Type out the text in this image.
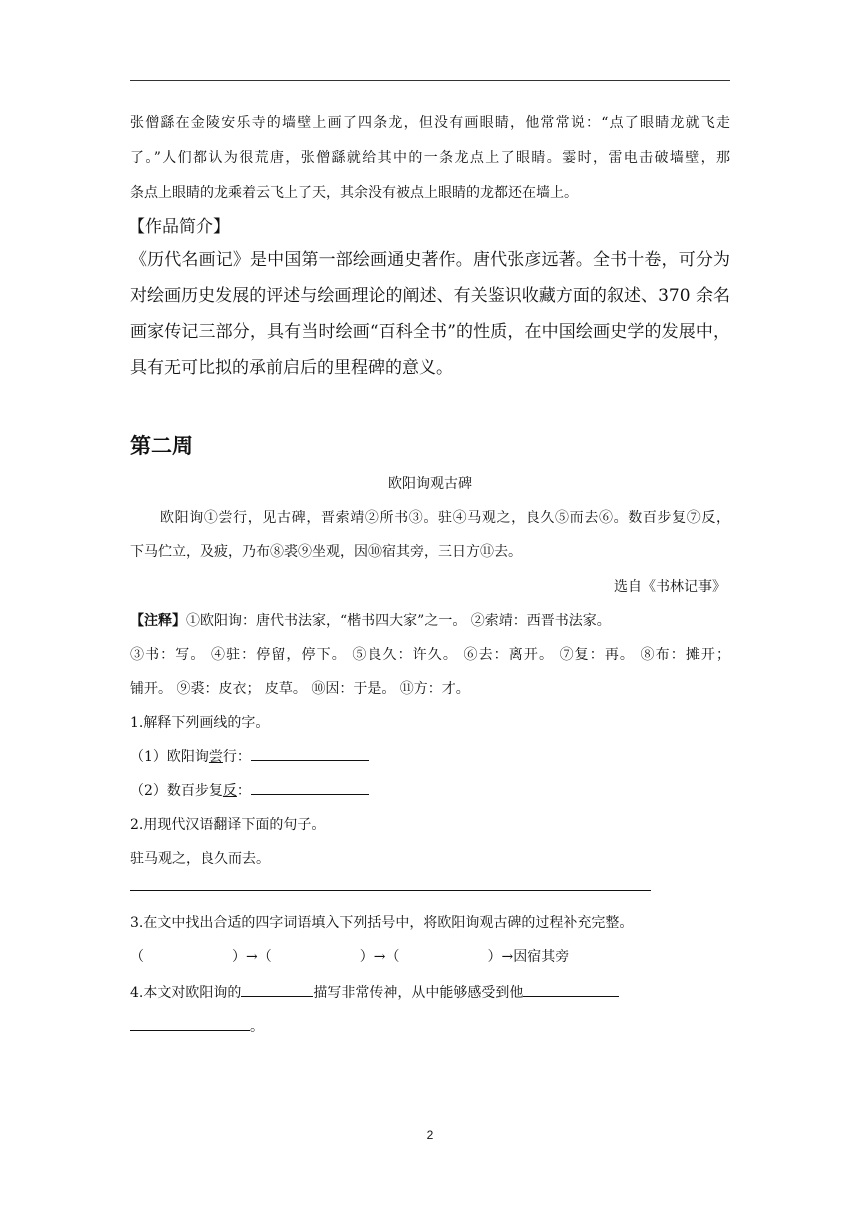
张僧繇在金陵安乐寺的墙壁上画了四条龙，但没有画眼睛，他常常说：“点了眼睛龙就飞走
了。”人们都认为很荒唐，张僧繇就给其中的一条龙点上了眼睛。霎时，雷电击破墙壁，那
条点上眼睛的龙乘着云飞上了天，其余没有被点上眼睛的龙都还在墙上。
【作品简介】
《历代名画记》是中国第一部绘画通史著作。唐代张彦远著。全书十卷，可分为
对绘画历史发展的评述与绘画理论的阐述、有关鉴识收藏方面的叙述、370 余名
画家传记三部分，具有当时绘画“百科全书”的性质，在中国绘画史学的发展中，
具有无可比拟的承前启后的里程碑的意义。
第二周
欧阳询观古碑
欧阳询①尝行，见古碑，晋索靖②所书③。驻④马观之，良久⑤而去⑥。数百步复⑦反，
下马伫立，及疲，乃布⑧裘⑨坐观，因⑩宿其旁，三日方⑪去。
选自《书林记事》
【注释】①欧阳询：唐代书法家，“楷书四大家”之一。 ②索靖：西晋书法家。
③书：写。 ④驻：停留，停下。 ⑤良久：许久。 ⑥去：离开。 ⑦复：再。 ⑧布：摊开；
铺开。 ⑨裘：皮衣； 皮草。 ⑩因：于是。 ⑪方：才。
1.解释下列画线的字。
（1）欧阳询尝行：
（2）数百步复反：
2.用现代汉语翻译下面的句子。
驻马观之，良久而去。
3.在文中找出合适的四字词语填入下列括号中，将欧阳询观古碑的过程补充完整。
（	）→（	）→（	）→因宿其旁
4.本文对欧阳询的	描写非常传神，从中能够感受到他
。
2
